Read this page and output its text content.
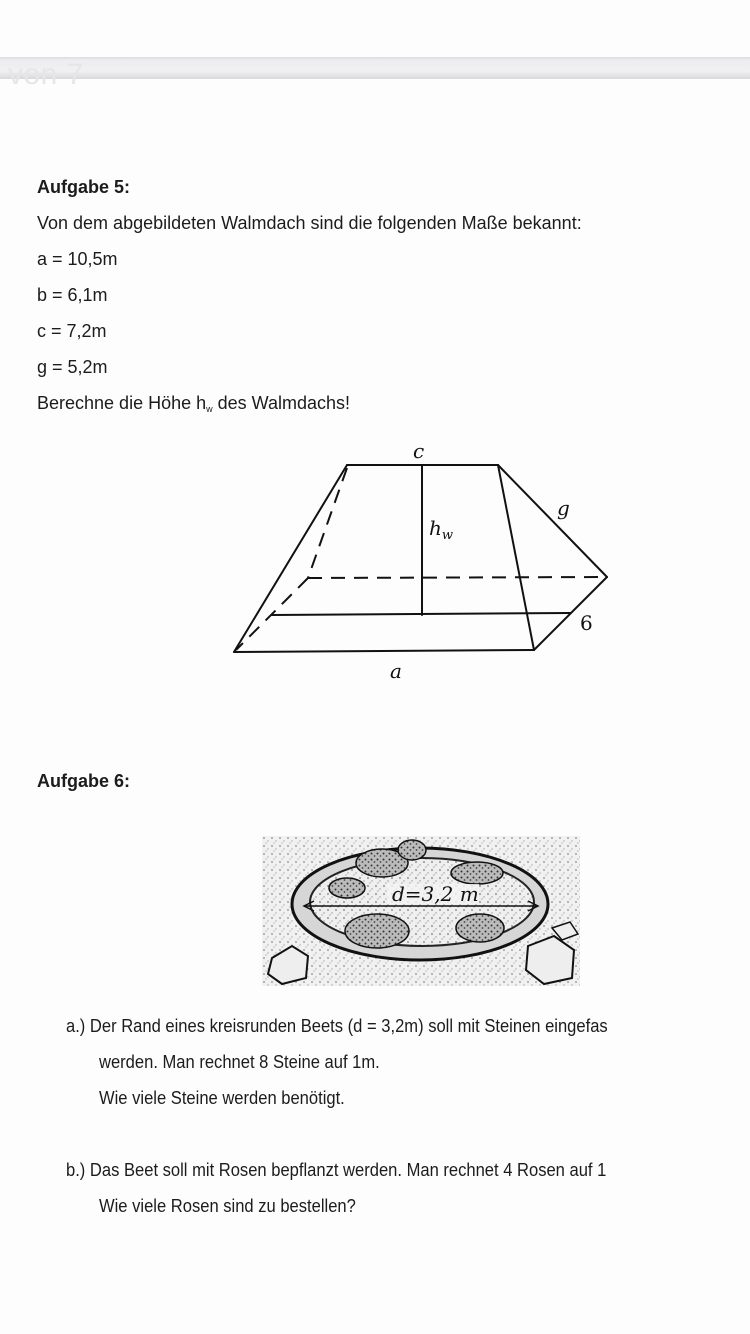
von 7
Aufgabe 5:
Von dem abgebildeten Walmdach sind die folgenden Maße bekannt:
a = 10,5m
b = 6,1m
c = 7,2m
g = 5,2m
Berechne die Höhe $h_w$ des Walmdachs!
c
$h_w$
g
6
a
Aufgabe 6:
d=3,2 m
a.) Der Rand eines kreisrunden Beets (d = 3,2m) soll mit Steinen eingefas
werden. Man rechnet 8 Steine auf 1m.
Wie viele Steine werden benötigt.
b.) Das Beet soll mit Rosen bepflanzt werden. Man rechnet 4 Rosen auf 1
Wie viele Rosen sind zu bestellen?
